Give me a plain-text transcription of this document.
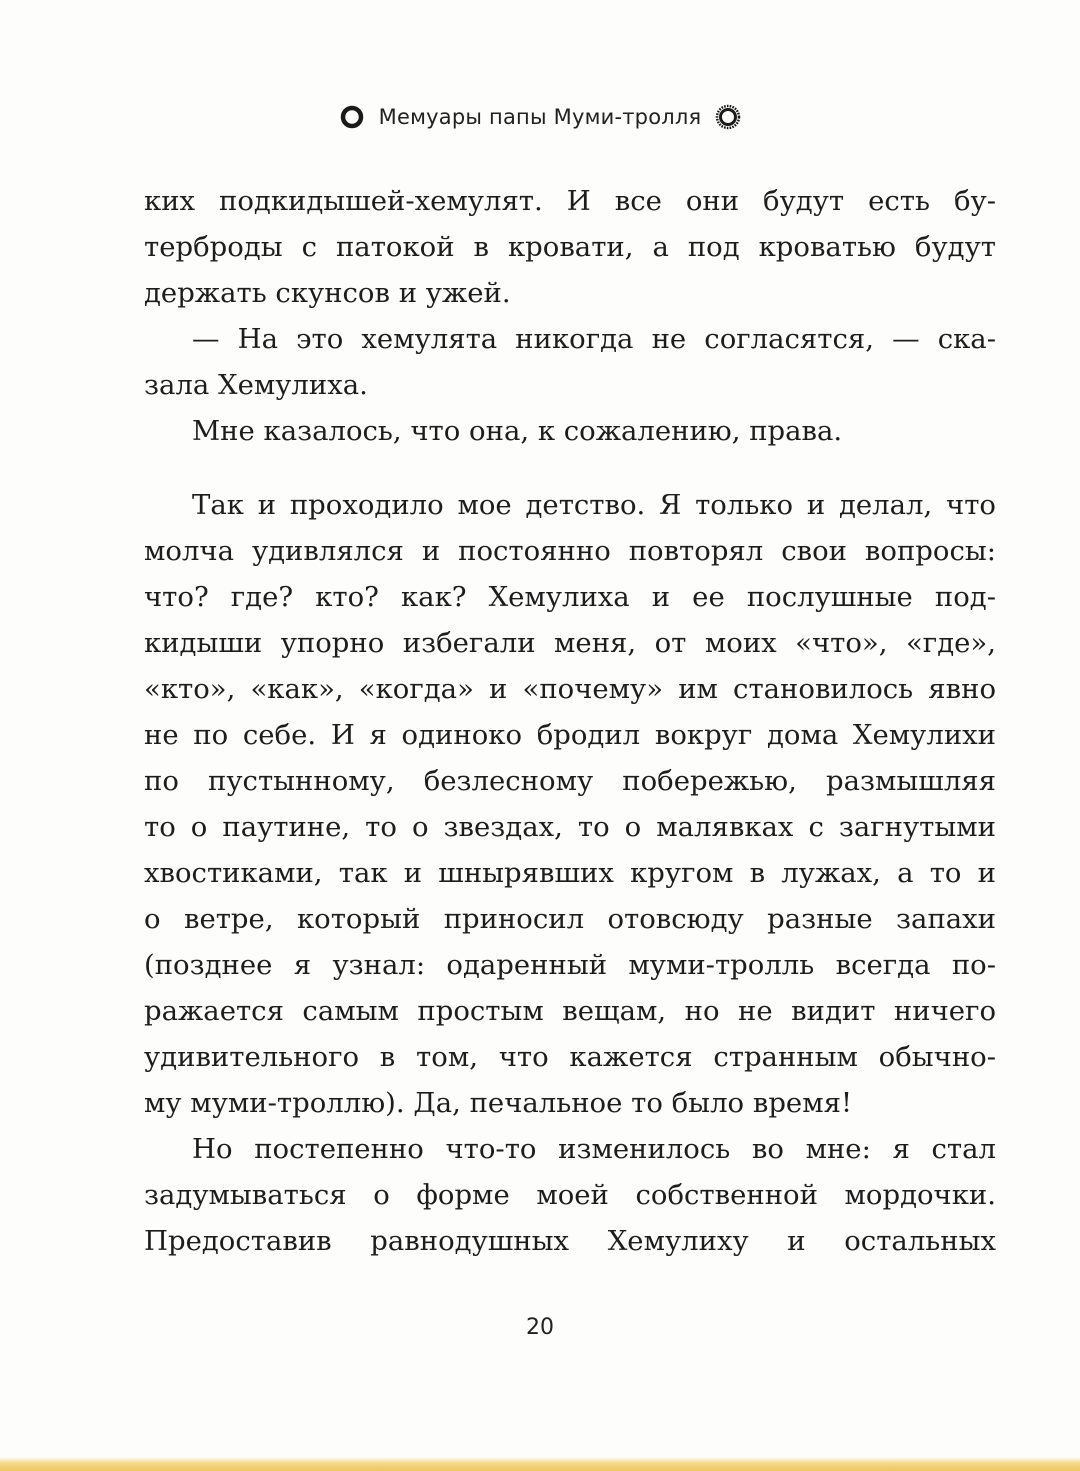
Мемуары папы Муми-тролля
ких подкидышей-хемулят. И все они будут есть бу-
терброды с патокой в кровати, а под кроватью будут
держать скунсов и ужей.
— На это хемулята никогда не согласятся, — ска-
зала Хемулиха.
Мне казалось, что она, к сожалению, права.
Так и проходило мое детство. Я только и делал, что
молча удивлялся и постоянно повторял свои вопросы:
что? где? кто? как? Хемулиха и ее послушные под-
кидыши упорно избегали меня, от моих «что», «где»,
«кто», «как», «когда» и «почему» им становилось явно
не по себе. И я одиноко бродил вокруг дома Хемулихи
по пустынному, безлесному побережью, размышляя
то о паутине, то о звездах, то о малявках с загнутыми
хвостиками, так и шнырявших кругом в лужах, а то и
о ветре, который приносил отовсюду разные запахи
(позднее я узнал: одаренный муми-тролль всегда по-
ражается самым простым вещам, но не видит ничего
удивительного в том, что кажется странным обычно-
му муми-троллю). Да, печальное то было время!
Но постепенно что-то изменилось во мне: я стал
задумываться о форме моей собственной мордочки.
Предоставив равнодушных Хемулиху и остальных
20
